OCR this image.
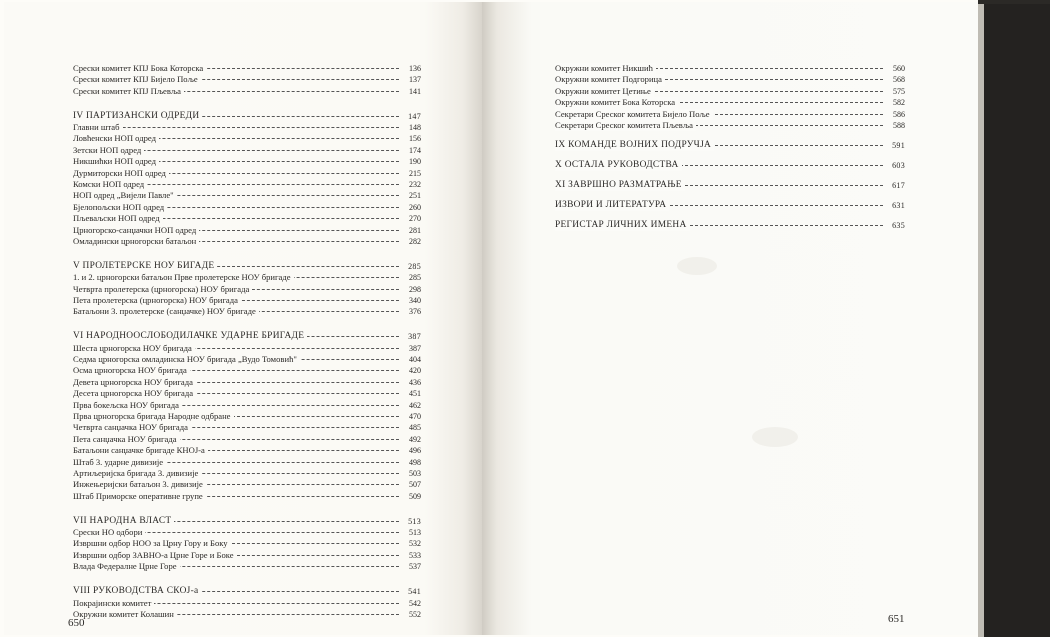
Срески комитет КПЈ Бока Которска	136
Срески комитет КПЈ Бијело Поље	137
Срески комитет КПЈ Пљевља	141
IV ПАРТИЗАНСКИ ОДРЕДИ	147
Главни штаб	148
Ловћенски НОП одред	156
Зетски НОП одред	174
Никшићки НОП одред	190
Дурмиторски НОП одред	215
Комски НОП одред	232
НОП одред „Вијели Павле"	251
Бјелопољски НОП одред	260
Пљеваљски НОП одред	270
Црногорско-санџачки НОП одред	281
Омладински црногорски батаљон	282
V ПРОЛЕТЕРСКЕ НОУ БИГАДЕ	285
1. и 2. црногорски батаљон Прве пролетерске НОУ бригаде	285
Четврта пролетерска (црногорска) НОУ бригада	298
Пета пролетерска (црногорска) НОУ бригада	340
Батаљони 3. пролетерске (санџачке) НОУ бригаде	376
VI НАРОДНООСЛОБОДИЛАЧКЕ УДАРНЕ БРИГАДЕ	387
Шеста црногорска НОУ бригада	387
Седма црногорска омладинска НОУ бригада „Вудо Томовић"	404
Осма црногорска НОУ бригада	420
Девета црногорска НОУ бригада	436
Десета црногорска НОУ бригада	451
Прва бокељска НОУ бригада	462
Прва црногорска бригада Народне одбране	470
Четврта санџачка НОУ бригада	485
Пета санџачка НОУ бригада	492
Батаљони санџачке бригаде КНОЈ-а	496
Штаб 3. ударне дивизије	498
Артиљеријска бригада 3. дивизије	503
Инжењеријски батаљон 3. дивизије	507
Штаб Приморске оперативне групе	509
VII НАРОДНА ВЛАСТ	513
Срески НО одбори	513
Извршни одбор НОО за Црну Гору и Боку	532
Извршни одбор ЗАВНО-а Црне Горе и Боке	533
Влада Федералне Црне Горе	537
VIII РУКОВОДСТВА СКОЈ-а	541
Покрајински комитет	542
Окружни комитет Колашин	552
650
Окружни комитет Никшић	560
Окружни комитет Подгорица	568
Окружни комитет Цетиње	575
Окружни комитет Бока Которска	582
Секретари Среског комитета Бијело Поље	586
Секретари Среског комитета Пљевља	588
IX КОМАНДЕ ВОЈНИХ ПОДРУЧЈА	591
X ОСТАЛА РУКОВОДСТВА	603
XI ЗАВРШНО РАЗМАТРАЊЕ	617
ИЗВОРИ И ЛИТЕРАТУРА	631
РЕГИСТАР ЛИЧНИХ ИМЕНА	635
651
